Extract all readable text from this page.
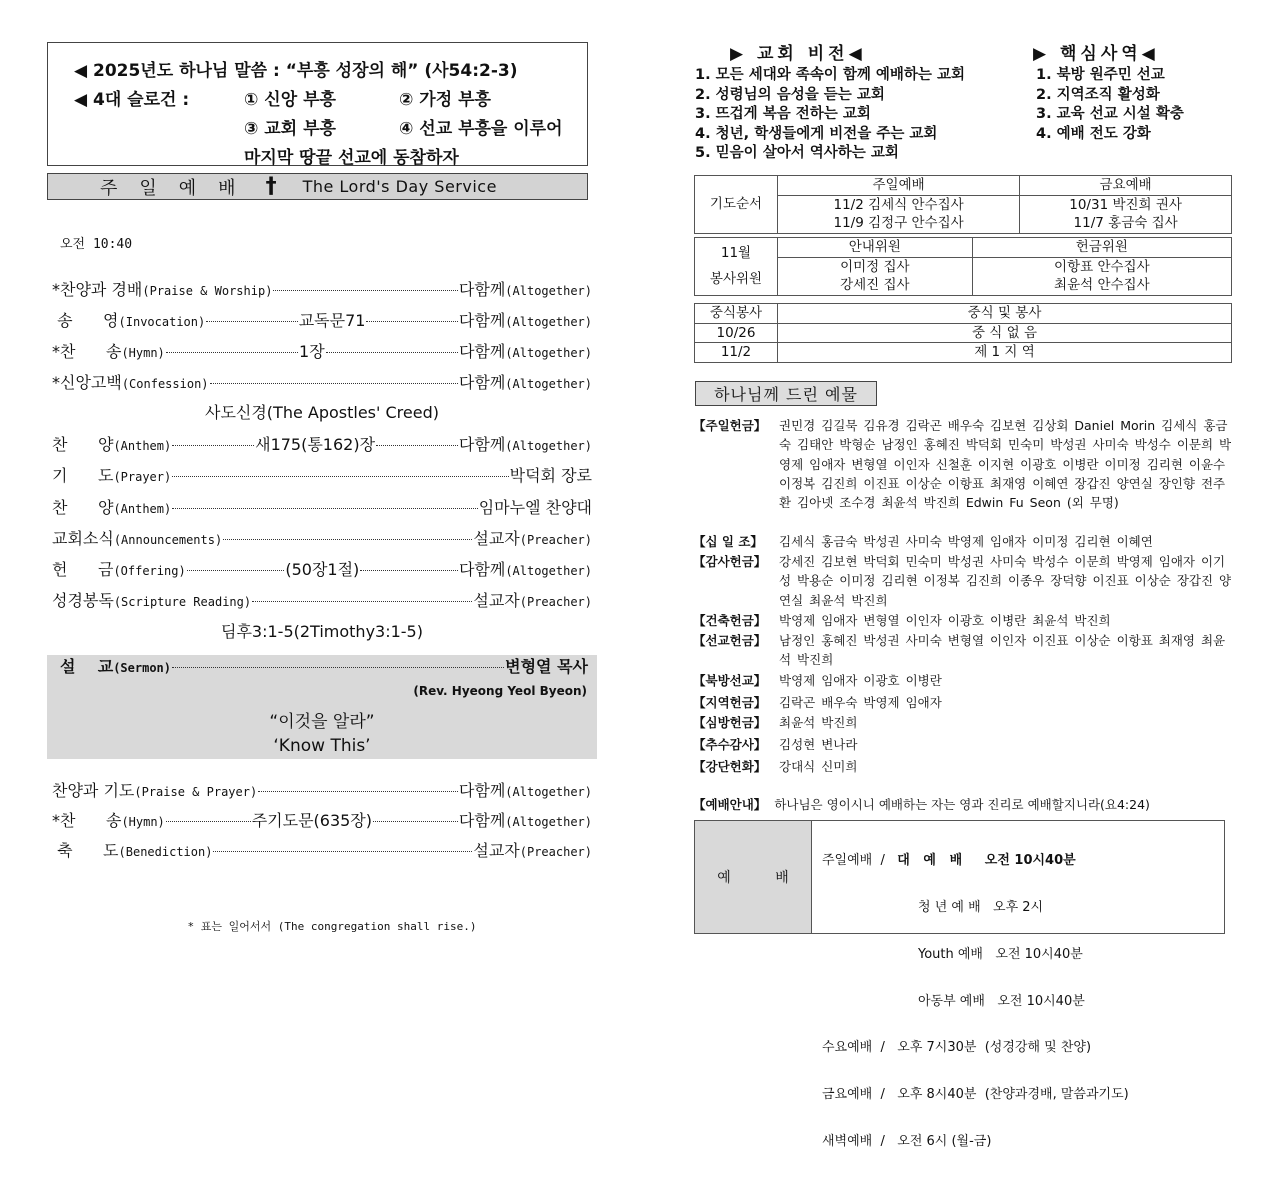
◀ 2025년도 하나님 말씀 : “부흥 성장의 해” (사54:2-3)
◀ 4대 슬로건 :	① 신앙 부흥	② 가정 부흥
③ 교회 부흥	④ 선교 부흥을 이루어
마지막 땅끝 선교에 동참하자
주일예배 † The Lord's Day Service
오전 10:40
*찬양과 경배 (Praise & Worship)	다함께 (Altogether)
송      영 (Invocation)	교독문71	다함께 (Altogether)
*찬      송 (Hymn)	1장	다함께 (Altogether)
*신앙고백 (Confession)	다함께 (Altogether)
찬      양 (Anthem)	새175(통162)장	다함께 (Altogether)
기      도 (Prayer)	박덕회 장로
찬      양 (Anthem)	임마누엘 찬양대
교회소식 (Announcements)	설교자 (Preacher)
헌      금 (Offering)	(50장1절)	다함께 (Altogether)
성경봉독 (Scripture Reading)	설교자 (Preacher)
설    교 (Sermon)	변형열 목사
찬양과 기도 (Praise & Prayer)	다함께 (Altogether)
*찬      송 (Hymn)	주기도문(635장)	다함께 (Altogether)
축      도 (Benediction)	설교자 (Preacher)
사도신경(The Apostles' Creed)
딤후3:1-5(2Timothy3:1-5)
(Rev. Hyeong Yeol Byeon)
“이것을 알라”
‘Know This’
* 표는 일어서서 (The congregation shall rise.)
▶ 교회 비전◀
1. 모든 세대와 족속이 함께 예배하는 교회
2. 성령님의 음성을 듣는 교회
3. 뜨겁게 복음 전하는 교회
4. 청년, 학생들에게 비전을 주는 교회
5. 믿음이 살아서 역사하는 교회
▶ 핵심사역◀
1. 북방 원주민 선교
2. 지역조직 활성화
3. 교육 선교 시설 확충
4. 예배 전도 강화
기도순서	주일예배	금요예배
	11/2 김세식 안수집사	10/31 박진희 권사
	11/9 김정구 안수집사	11/7 홍금숙 집사
11월
봉사위원	안내위원	헌금위원
	이미정 집사	이항표 안수집사
	강세진 집사	최윤석 안수집사
중식봉사	중식 및 봉사
10/26	중 식 없 음
11/2	제 1 지 역
하나님께 드린 예물
【주일헌금】	권민경 김길묵 김유경 김락곤 배우숙 김보현 김상회 Daniel Morin 김세식 홍금숙 김태안 박형순 남정인 홍혜진 박덕회 민숙미 박성권 사미숙 박성수 이문희 박영제 임애자 변형열 이인자 신철훈 이지현 이광호 이병란 이미정 김리현 이윤수 이정복 김진희 이진표 이상순 이항표 최재영 이혜연 장갑진 양연실 장인향 전주환 김아넷 조수경 최윤석 박진희 Edwin Fu Seon (외 무명)
【십 일 조】	김세식 홍금숙 박성권 사미숙 박영제 임애자 이미정 김리현 이혜연
【감사헌금】	강세진 김보현 박덕회 민숙미 박성권 사미숙 박성수 이문희 박영제 임애자 이기성 박용순 이미정 김리현 이정복 김진희 이종우 장덕향 이진표 이상순 장갑진 양연실 최윤석 박진희
【건축헌금】	박영제 임애자 변형열 이인자 이광호 이병란 최윤석 박진희
【선교헌금】	남정인 홍혜진 박성권 사미숙 변형열 이인자 이진표 이상순 이항표 최재영 최윤석 박진희
【북방선교】	박영제 임애자 이광호 이병란
【지역헌금】	김락곤 배우숙 박영제 임애자
【심방헌금】	최윤석 박진희
【추수감사】	김성현 변나라
【강단헌화】	강대식 신미희
【예배안내】 하나님은 영이시니 예배하는 자는 영과 진리로 예배할지니라(요4:24)
예 배

주일예배  / 대   예   배     오전 10시40분

청 년 예 배   오후 2시

Youth 예배   오전 10시40분

아동부 예배   오전 10시40분

수요예배  /   오후 7시30분  (성경강해 및 찬양)

금요예배  /   오후 8시40분  (찬양과경배, 말씀과기도)

새벽예배  /   오전 6시 (월-금)
